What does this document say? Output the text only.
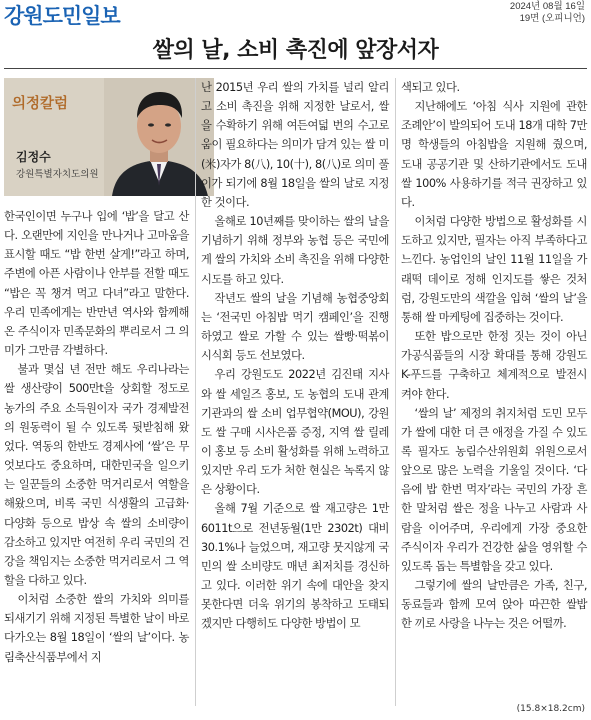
강원도민일보	2024년 08월 16일
19면 (오피니언)
쌀의 날, 소비 촉진에 앞장서자
의정칼럼
김정수
강원특별자치도의원

한국인이면 누구나 입에 ‘밥’을 달고 산다. 오랜만에 지인을 만나거나 고마움을 표시할 때도 “밥 한번 살게!”라고 하며, 주변에 아픈 사람이나 안부를 전할 때도 “밥은 꼭 챙겨 먹고 다녀”라고 말한다. 우리 민족에게는 반만년 역사와 함께해 온 주식이자 민족문화의 뿌리로서 그 의미가 그만큼 각별하다.

불과 몇십 년 전만 해도 우리나라는 쌀 생산량이 500만t을 상회할 정도로 농가의 주요 소득원이자 국가 경제발전의 원동력이 될 수 있도록 뒷받침해 왔었다. 역동의 한반도 경제사에 ‘쌀’은 무엇보다도 중요하며, 대한민국을 일으키는 일꾼들의 소중한 먹거리로서 역할을 해왔으며, 비록 국민 식생활의 고급화·다양화 등으로 밥상 속 쌀의 소비량이 감소하고 있지만 여전히 우리 국민의 건강을 책임지는 소중한 먹거리로서 그 역할을 다하고 있다.

이처럼 소중한 쌀의 가치와 의미를 되새기기 위해 지정된 특별한 날이 바로 다가오는 8월 18일이 ‘쌀의 날’이다. 농림축산식품부에서 지

난 2015년 우리 쌀의 가치를 널리 알리고 소비 촉진을 위해 지정한 날로서, 쌀을 수확하기 위해 여든여덟 번의 수고로움이 필요하다는 의미가 담겨 있는 쌀 미(米)자가 8(八), 10(十), 8(八)로 의미 풀이가 되기에 8월 18일을 쌀의 날로 지정한 것이다.

올해로 10년째를 맞이하는 쌀의 날을 기념하기 위해 정부와 농협 등은 국민에게 쌀의 가치와 소비 촉진을 위해 다양한 시도를 하고 있다.

작년도 쌀의 날을 기념해 농협중앙회는 ‘전국민 아침밥 먹기 캠페인’을 진행하였고 쌀로 가할 수 있는 쌀빵·떡볶이 시식회 등도 선보였다.

우리 강원도도 2022년 김진태 지사와 쌀 세일즈 홍보, 도 농협의 도내 관계기관과의 쌀 소비 업무협약(MOU), 강원도 쌀 구매 시사은품 증정, 지역 쌀 릴레이 홍보 등 소비 활성화를 위해 노력하고 있지만 우리 도가 처한 현실은 녹록지 않은 상황이다.

올해 7월 기준으로 쌀 재고량은 1만 6011t으로 전년동월(1만 2302t) 대비 30.1%나 늘었으며, 재고량 뭇지않게 국민의 쌀 소비량도 매년 최저치를 경신하고 있다. 이러한 위기 속에 대안을 찾지 못한다면 더욱 위기의 봉착하고 도태되겠지만 다행히도 다양한 방법이 모

색되고 있다.

지난해에도 ‘아침 식사 지원에 관한 조례안’이 발의되어 도내 18개 대학 7만 명 학생들의 아침밥을 지원해 줬으며, 도내 공공기관 및 산하기관에서도 도내 쌀 100% 사용하기를 적극 권장하고 있다.

이처럼 다양한 방법으로 활성화를 시도하고 있지만, 필자는 아직 부족하다고 느낀다. 농업인의 날인 11월 11일을 가래떡 데이로 정해 인지도를 쌓은 것처럼, 강원도만의 색깔을 입혀 ‘쌀의 날’을 통해 쌀 마케팅에 집중하는 것이다.

또한 밥으로만 한정 짓는 것이 아닌 가공식품들의 시장 확대를 통해 강원도 K-푸드를 구축하고 체계적으로 발전시켜야 한다.

‘쌀의 날’ 제정의 취지처럼 도민 모두가 쌀에 대한 더 큰 애정을 가질 수 있도록 필자도 농림수산위원회 위원으로서 앞으로 많은 노력을 기울일 것이다. ‘다음에 밥 한번 먹자’라는 국민의 가장 흔한 말처럼 쌀은 정을 나누고 사람과 사람을 이어주며, 우리에게 가장 중요한 주식이자 우리가 건강한 삶을 영위할 수 있도록 돕는 특별함을 갖고 있다.

그렇기에 쌀의 날만큼은 가족, 친구, 동료들과 함께 모여 앉아 따끈한 쌀밥 한 끼로 사랑을 나누는 것은 어떨까.

(15.8×18.2cm)
